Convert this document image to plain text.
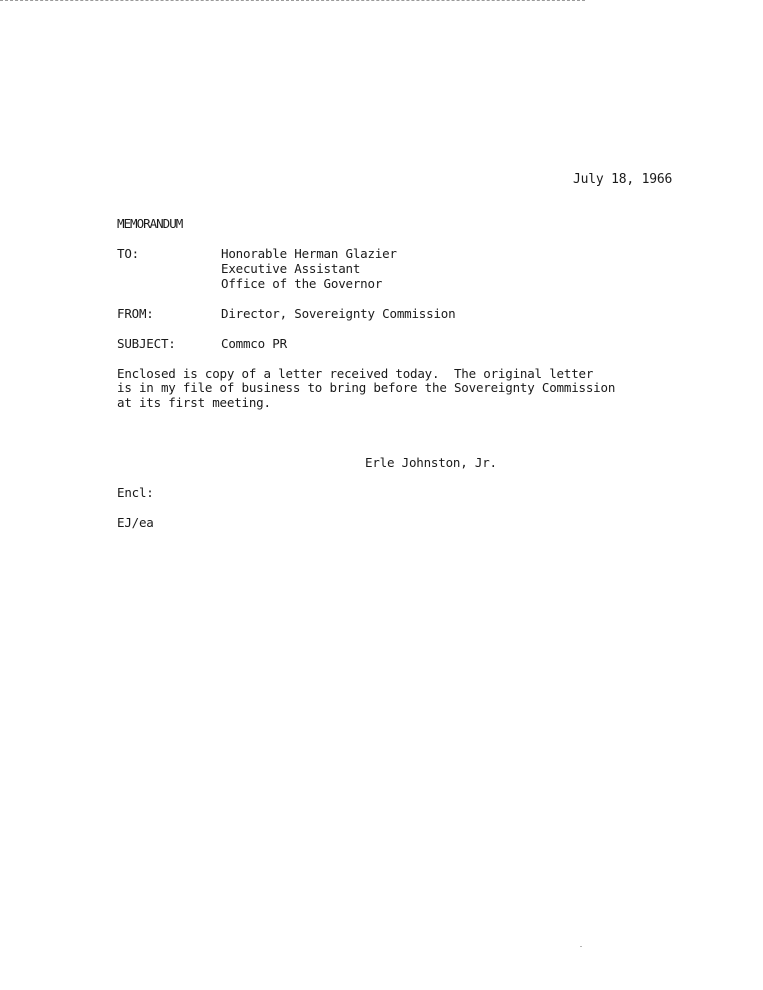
July 18, 1966
MEMORANDUM
TO:	Honorable Herman Glazier
Executive Assistant
Office of the Governor
FROM:	Director, Sovereignty Commission
SUBJECT:	Commco PR
Enclosed is copy of a letter received today.  The original letter
is in my file of business to bring before the Sovereignty Commission
at its first meeting.
Erle Johnston, Jr.
Encl:
EJ/ea
